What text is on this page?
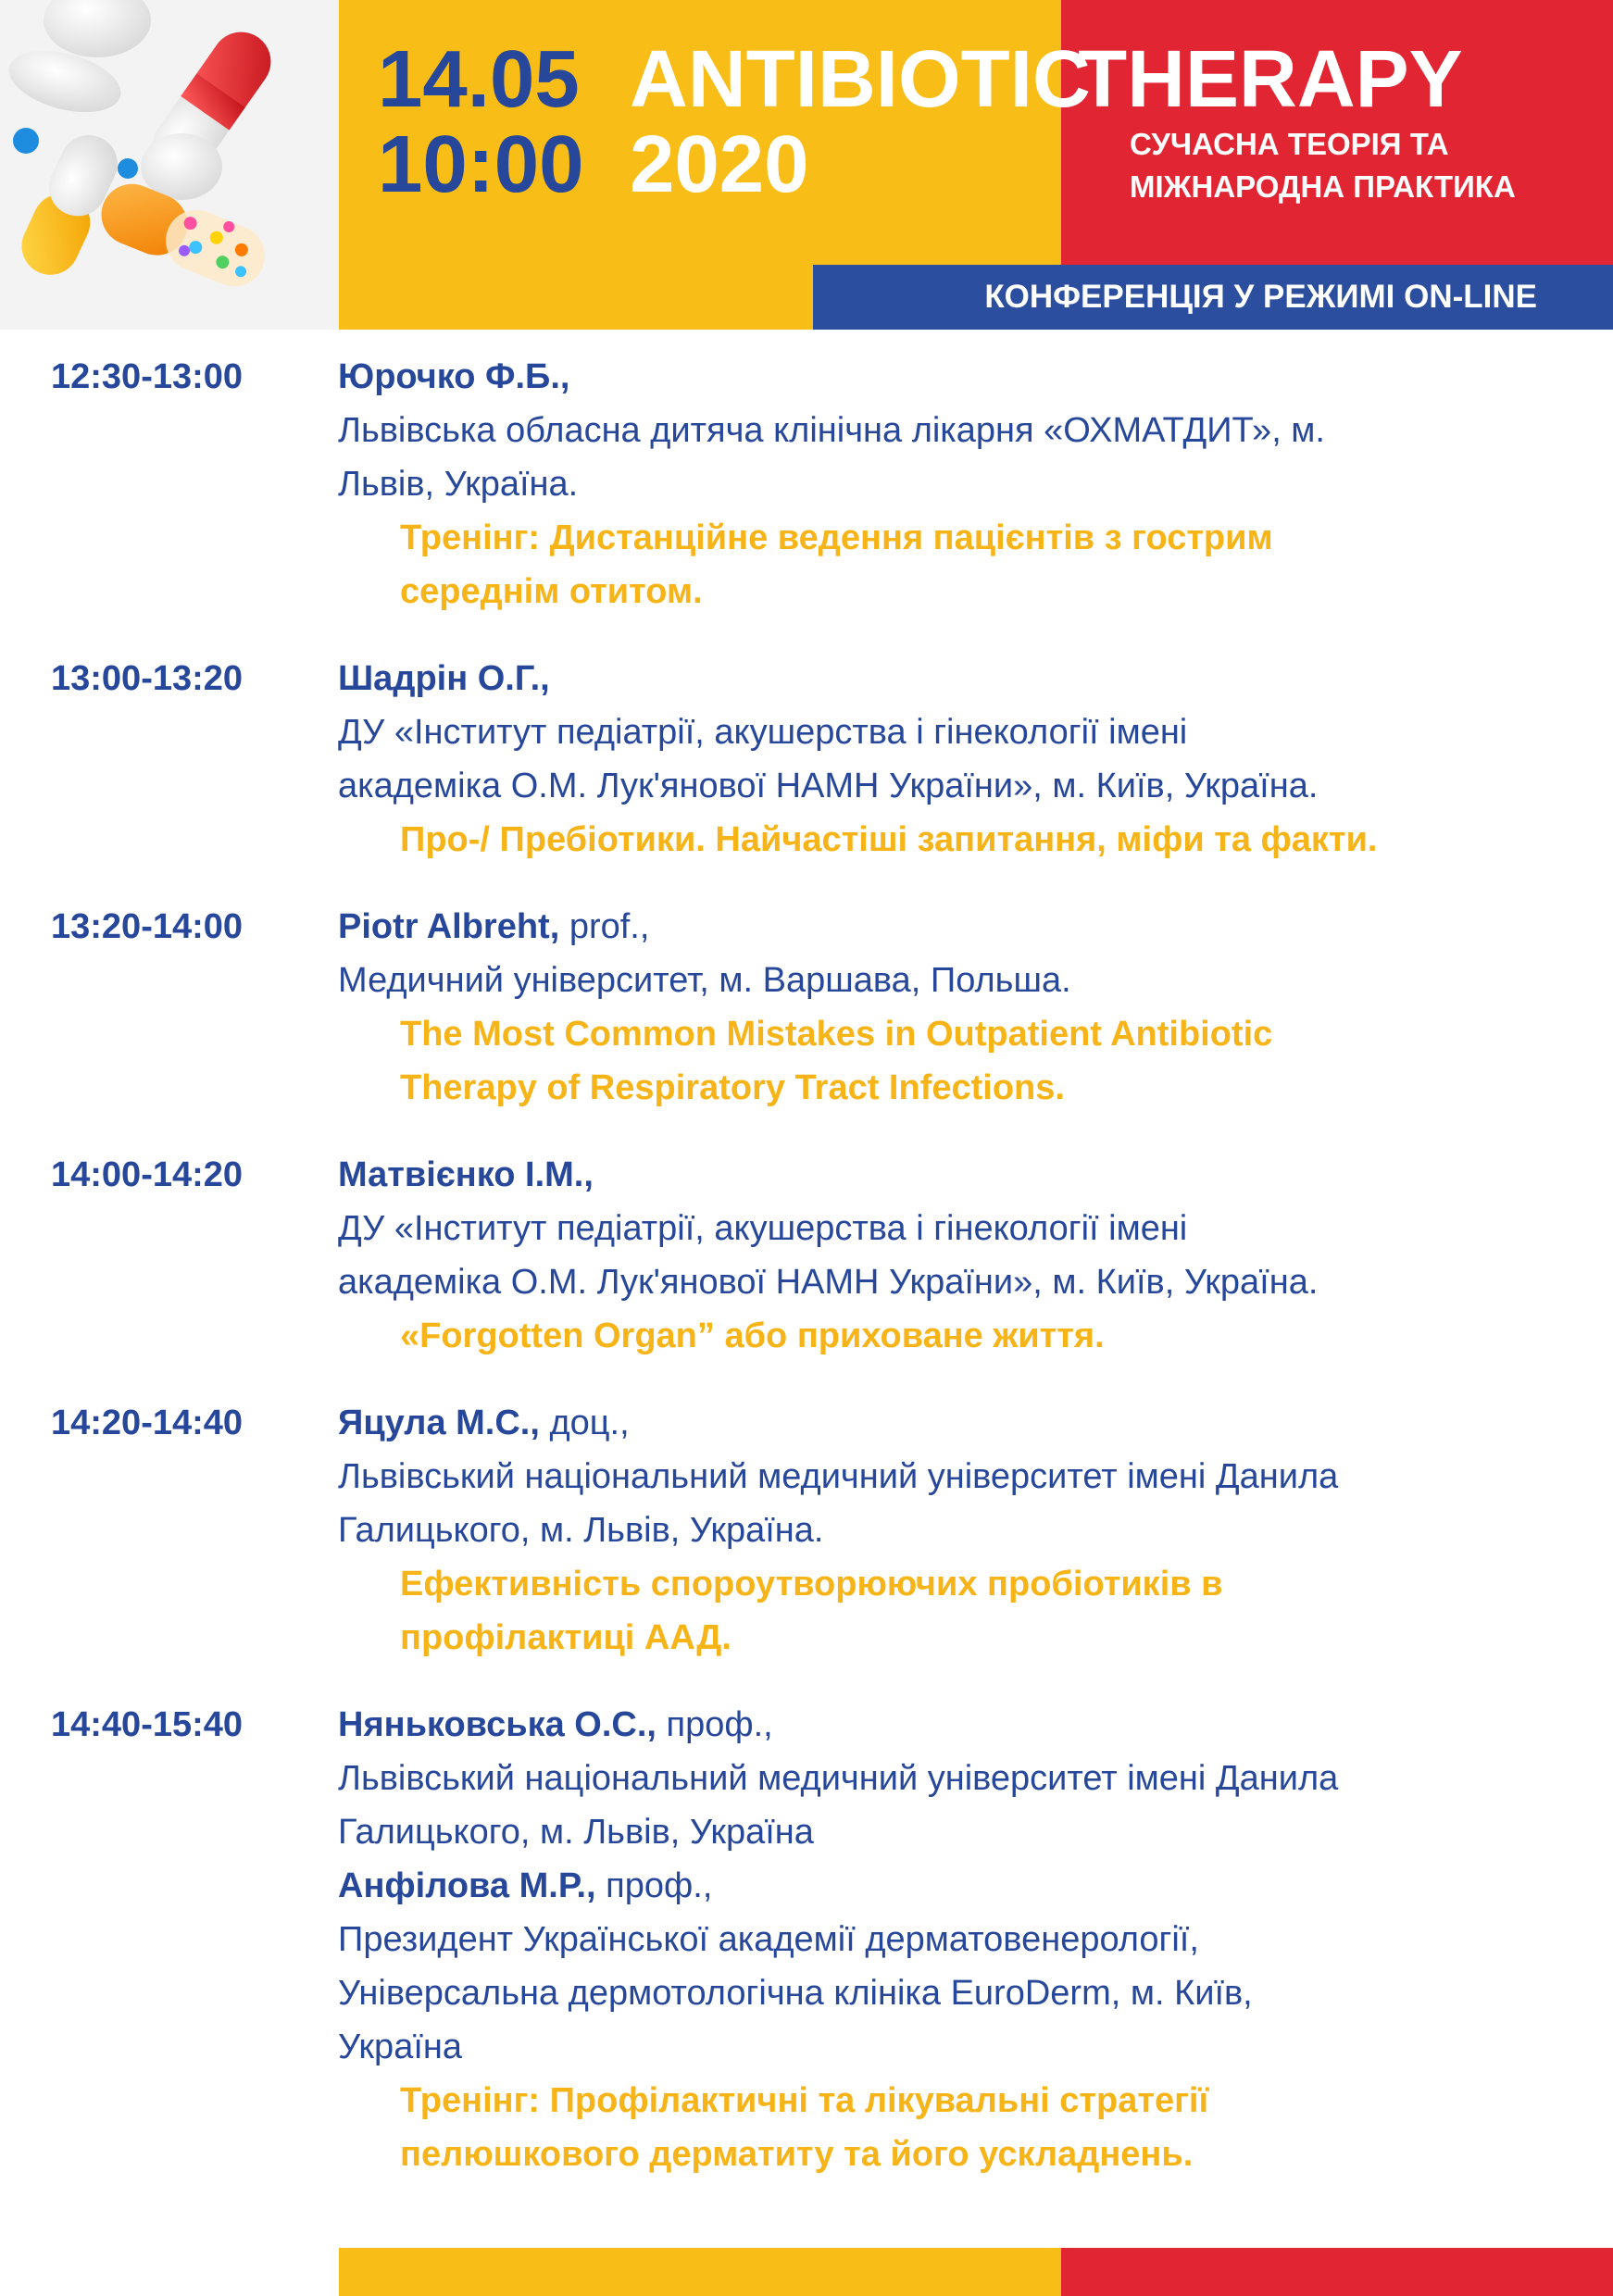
14.05
10:00
ANTIBIOTIC
2020
THERAPY
СУЧАСНА ТЕОРІЯ ТА
МІЖНАРОДНА ПРАКТИКА
КОНФЕРЕНЦІЯ У РЕЖИМІ ON-LINE
12:30-13:00	Юрочко Ф.Б.,
Львівська обласна дитяча клінічна лікарня «ОХМАТДИТ», м.
Львів, Україна.
Тренінг: Дистанційне ведення пацієнтів з гострим
середнім отитом.
13:00-13:20	Шадрін О.Г.,
ДУ «Інститут педіатрії, акушерства і гінекології імені
академіка О.М. Лук'янової НАМН України», м. Київ, Україна.
Про-/ Пребіотики. Найчастіші запитання, міфи та факти.
13:20-14:00	Piotr Albreht, prof.,
Медичний університет, м. Варшава, Польша.
The Most Common Mistakes in Outpatient Antibiotic
Therapy of Respiratory Tract Infections.
14:00-14:20	Матвієнко І.М.,
ДУ «Інститут педіатрії, акушерства і гінекології імені
академіка О.М. Лук'янової НАМН України», м. Київ, Україна.
«Forgotten Organ” або приховане життя.
14:20-14:40	Яцула М.С., доц.,
Львівський національний медичний університет імені Данила
Галицького, м. Львів, Україна.
Ефективність спороутворюючих пробіотиків в
профілактиці ААД.
14:40-15:40	Няньковська О.С., проф.,
Львівський національний медичний університет імені Данила
Галицького, м. Львів, Україна
Анфілова М.Р., проф.,
Президент Української академії дерматовенерології,
Універсальна дермотологічна клініка EuroDerm, м. Київ,
Україна
Тренінг: Профілактичні та лікувальні стратегії
пелюшкового дерматиту та його ускладнень.
